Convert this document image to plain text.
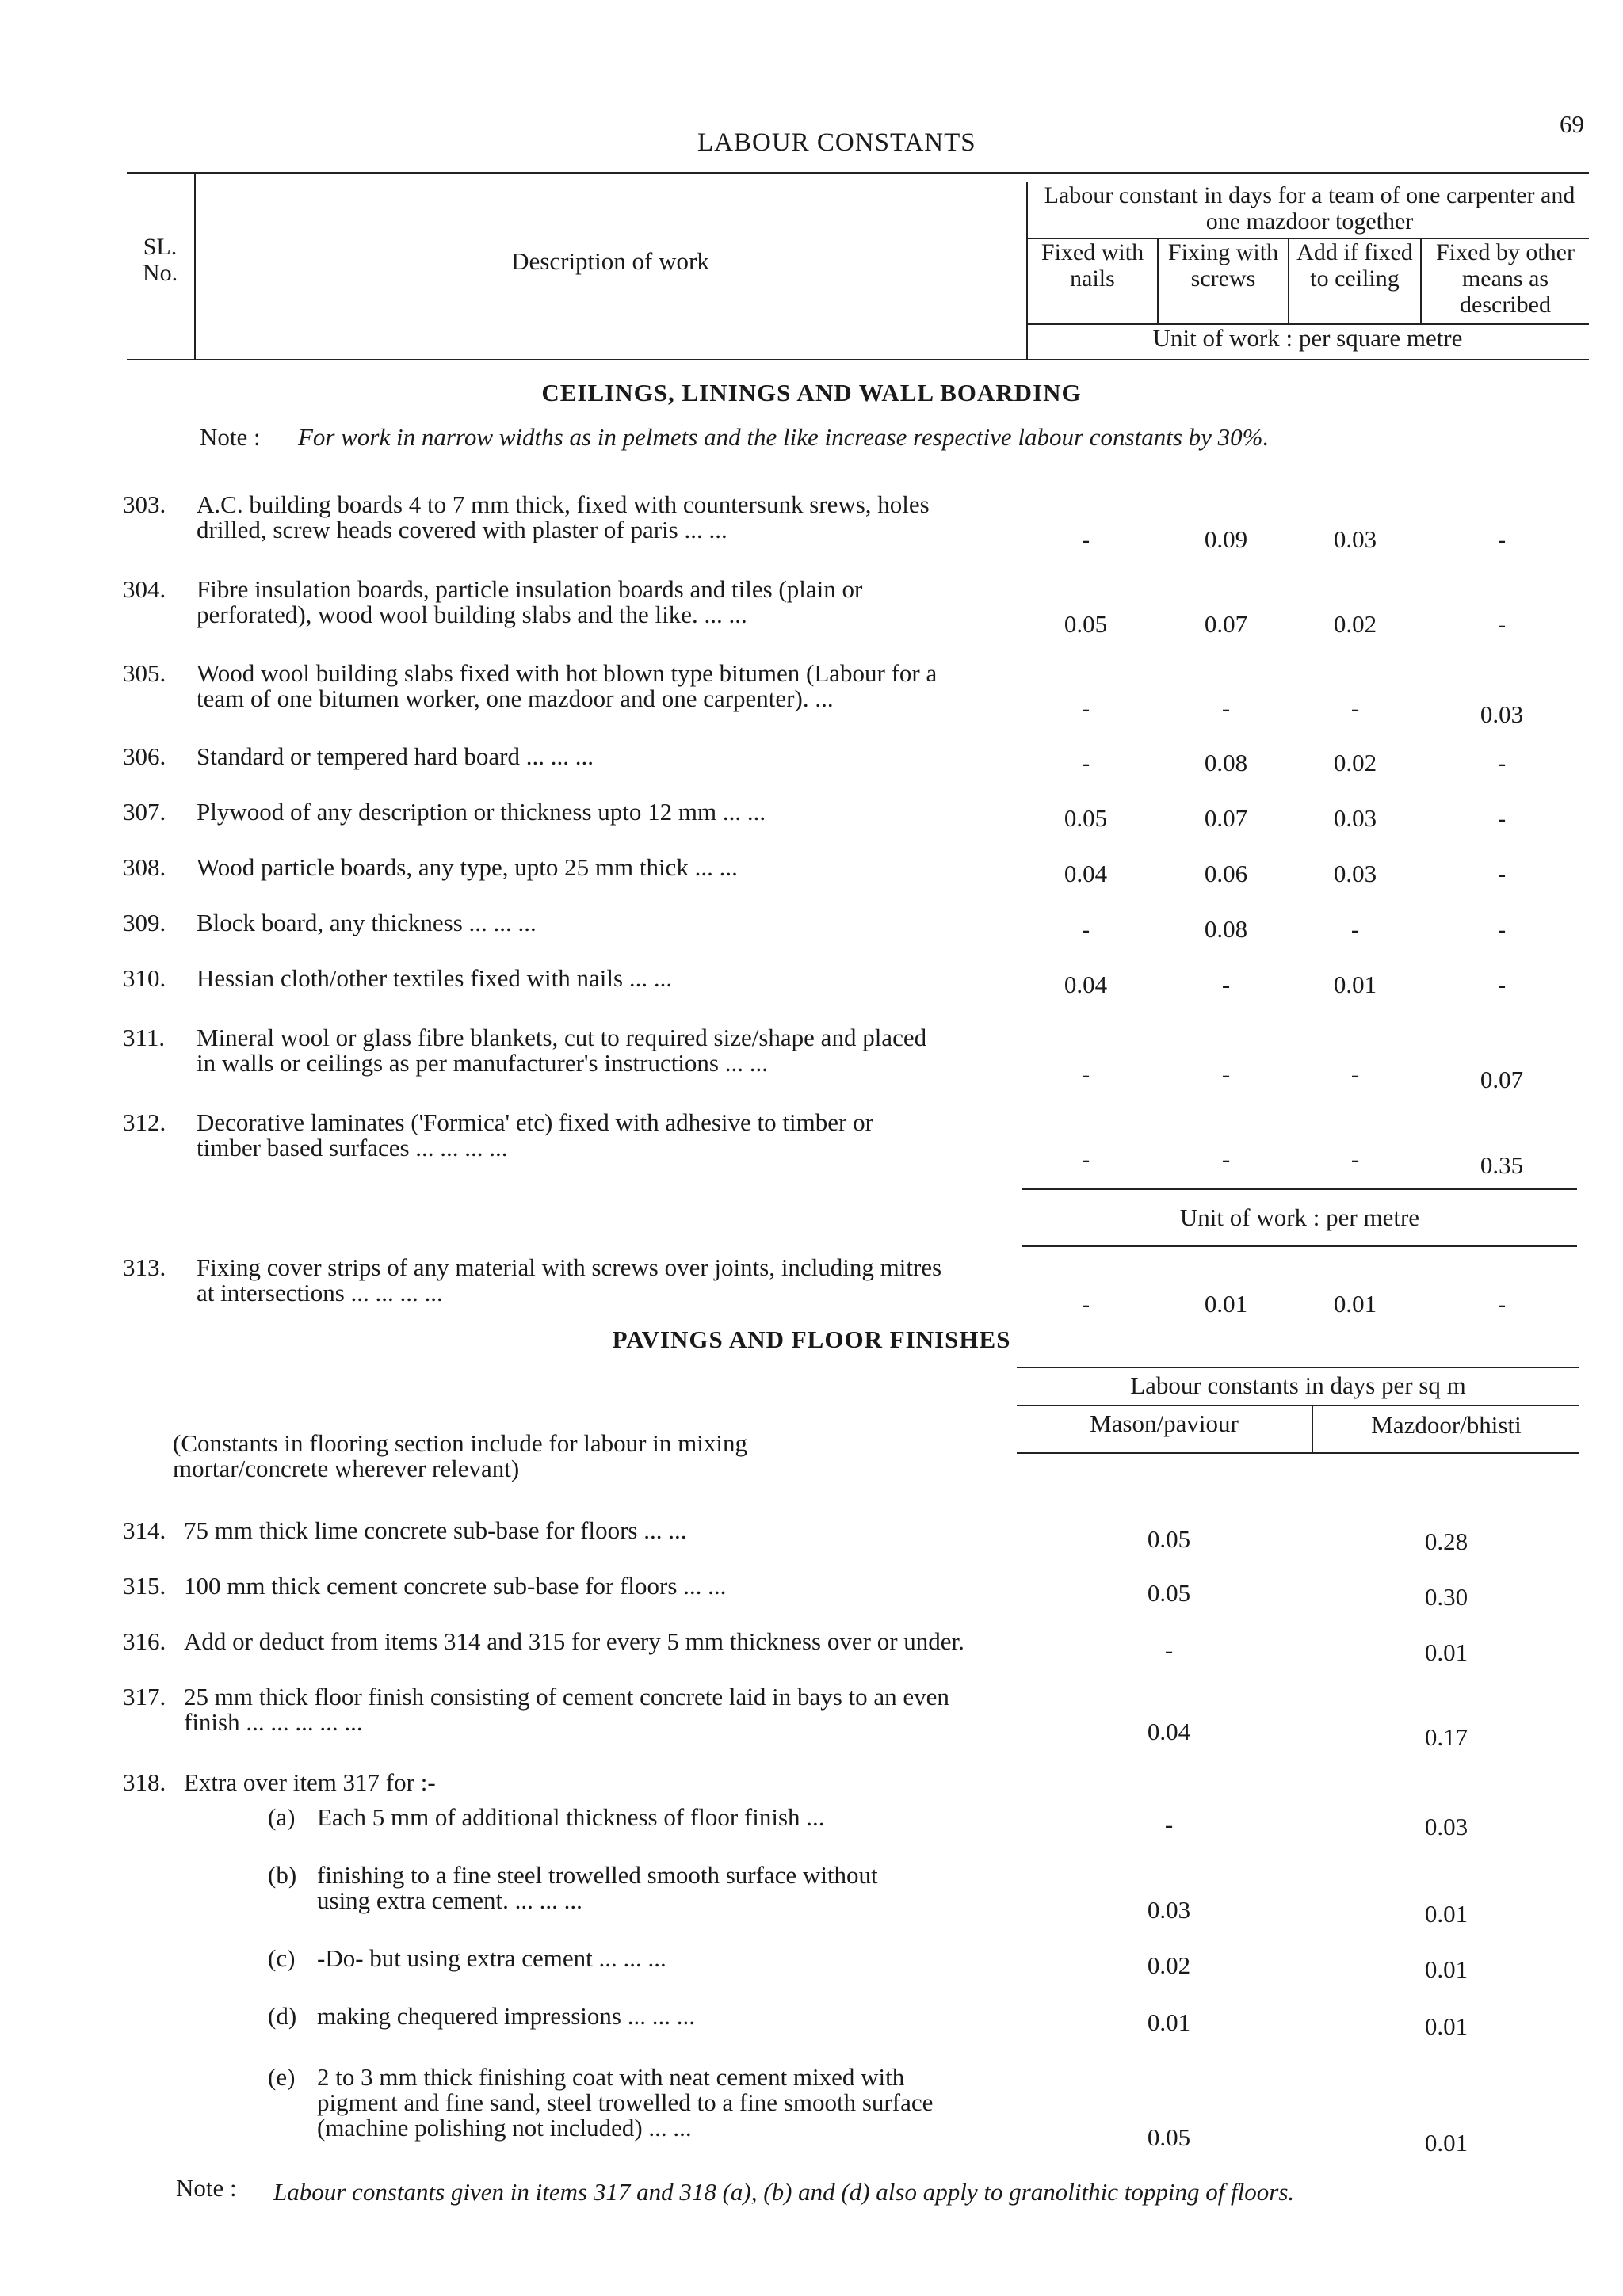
69
LABOUR CONSTANTS
SL. No.	Description of work
Labour constant in days for a team of one carpenter and one mazdoor together
Fixed with nails
Fixing with screws
Add if fixed to ceiling
Fixed by other means as described
Unit of work : per square metre
CEILINGS, LININGS AND WALL BOARDING
Note : For work in narrow widths as in pelmets and the like increase respective labour constants by 30%.
303. A.C. building boards 4 to 7 mm thick, fixed with countersunk srews, holes
drilled, screw heads covered with plaster of paris ... ...	-	0.09	0.03	-
304. Fibre insulation boards, particle insulation boards and tiles (plain or
perforated), wood wool building slabs and the like. ... ...	0.05	0.07	0.02	-
305. Wood wool building slabs fixed with hot blown type bitumen (Labour for a
team of one bitumen worker, one mazdoor and one carpenter). ...	-	-	-	0.03
306. Standard or tempered hard board ... ... ...	-	0.08	0.02	-
307. Plywood of any description or thickness upto 12 mm ... ...	0.05	0.07	0.03	-
308. Wood particle boards, any type, upto 25 mm thick ... ...	0.04	0.06	0.03	-
309. Block board, any thickness ... ... ...	-	0.08	-	-
310. Hessian cloth/other textiles fixed with nails ... ...	0.04	-	0.01	-
311. Mineral wool or glass fibre blankets, cut to required size/shape and placed
in walls or ceilings as per manufacturer's instructions ... ...	-	-	-	0.07
312. Decorative laminates ('Formica' etc) fixed with adhesive to timber or
timber based surfaces ... ... ... ...	-	-	-	0.35
Unit of work : per metre
313. Fixing cover strips of any material with screws over joints, including mitres
at intersections ... ... ... ...	-	0.01	0.01	-
PAVINGS AND FLOOR FINISHES
Labour constants in days per sq m
Mason/paviour	Mazdoor/bhisti
(Constants in flooring section include for labour in mixing
mortar/concrete wherever relevant)
314. 75 mm thick lime concrete sub-base for floors ... ...	0.05	0.28
315. 100 mm thick cement concrete sub-base for floors ... ...	0.05	0.30
316. Add or deduct from items 314 and 315 for every 5 mm thickness over or under.	-	0.01
317. 25 mm thick floor finish consisting of cement concrete laid in bays to an even
finish ... ... ... ... ...	0.04	0.17
318. Extra over item 317 for :-
(a) Each 5 mm of additional thickness of floor finish ...	-	0.03
(b) finishing to a fine steel trowelled smooth surface without
using extra cement. ... ... ...	0.03	0.01
(c) -Do- but using extra cement ... ... ...	0.02	0.01
(d) making chequered impressions ... ... ...	0.01	0.01
(e) 2 to 3 mm thick finishing coat with neat cement mixed with
pigment and fine sand, steel trowelled to a fine smooth surface
(machine polishing not included) ... ...	0.05	0.01
Note : Labour constants given in items 317 and 318 (a), (b) and (d) also apply to granolithic topping of floors.
